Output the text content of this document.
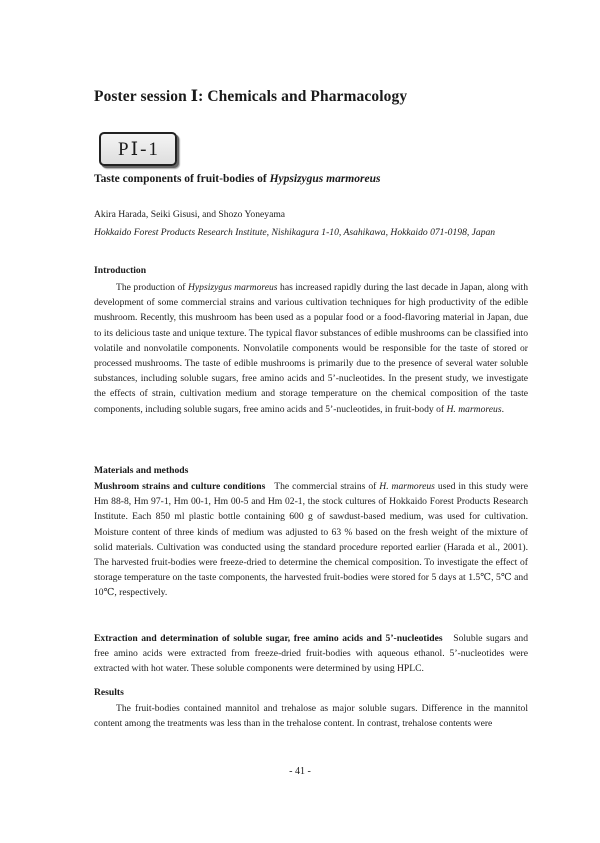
Poster session Ⅰ: Chemicals and Pharmacology
PⅠ-1
Taste components of fruit-bodies of Hypsizygus marmoreus

Akira Harada, Seiki Gisusi, and Shozo Yoneyama

Hokkaido Forest Products Research Institute, Nishikagura 1-10, Asahikawa, Hokkaido 071-0198, Japan

Introduction

The production of Hypsizygus marmoreus has increased rapidly during the last decade in Japan, along with development of some commercial strains and various cultivation techniques for high productivity of the edible mushroom. Recently, this mushroom has been used as a popular food or a food-flavoring material in Japan, due to its delicious taste and unique texture. The typical flavor substances of edible mushrooms can be classified into volatile and nonvolatile components. Nonvolatile components would be responsible for the taste of stored or processed mushrooms. The taste of edible mushrooms is primarily due to the presence of several water soluble substances, including soluble sugars, free amino acids and 5’-nucleotides. In the present study, we investigate the effects of strain, cultivation medium and storage temperature on the chemical composition of the taste components, including soluble sugars, free amino acids and 5’-nucleotides, in fruit-body of H. marmoreus.

Materials and methods

Mushroom strains and culture conditions The commercial strains of H. marmoreus used in this study were Hm 88-8, Hm 97-1, Hm 00-1, Hm 00-5 and Hm 02-1, the stock cultures of Hokkaido Forest Products Research Institute. Each 850 ml plastic bottle containing 600 g of sawdust-based medium, was used for cultivation. Moisture content of three kinds of medium was adjusted to 63 % based on the fresh weight of the mixture of solid materials. Cultivation was conducted using the standard procedure reported earlier (Harada et al., 2001). The harvested fruit-bodies were freeze-dried to determine the chemical composition. To investigate the effect of storage temperature on the taste components, the harvested fruit-bodies were stored for 5 days at 1.5℃, 5℃ and 10℃, respectively.

Extraction and determination of soluble sugar, free amino acids and 5’-nucleotides Soluble sugars and free amino acids were extracted from freeze-dried fruit-bodies with aqueous ethanol. 5’-nucleotides were extracted with hot water. These soluble components were determined by using HPLC.

Results

The fruit-bodies contained mannitol and trehalose as major soluble sugars. Difference in the mannitol content among the treatments was less than in the trehalose content. In contrast, trehalose contents were

- 41 -
